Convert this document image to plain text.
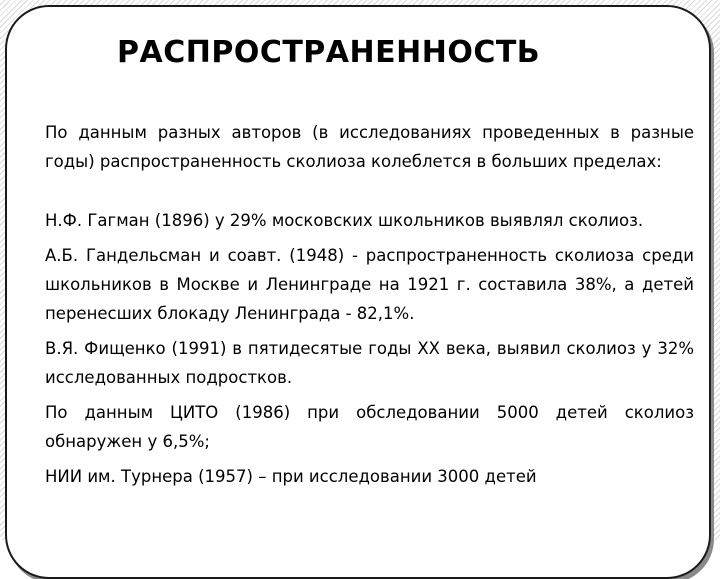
РАСПРОСТРАНЕННОСТЬ

По данным разных авторов (в исследованиях проведенных в разные годы) распространенность сколиоза колеблется в больших пределах:

Н.Ф. Гагман (1896) у 29% московских школьников выявлял сколиоз.

А.Б. Гандельсман и соавт. (1948) - распространенность сколиоза среди школьников в Москве и Ленинграде на 1921 г. составила 38%, а детей перенесших блокаду Ленинграда - 82,1%.

В.Я. Фищенко (1991) в пятидесятые годы XX века, выявил сколиоз у 32% исследованных подростков.

По данным ЦИТО (1986) при обследовании 5000 детей сколиоз обнаружен у 6,5%;

НИИ им. Турнера (1957) – при исследовании 3000 детей
